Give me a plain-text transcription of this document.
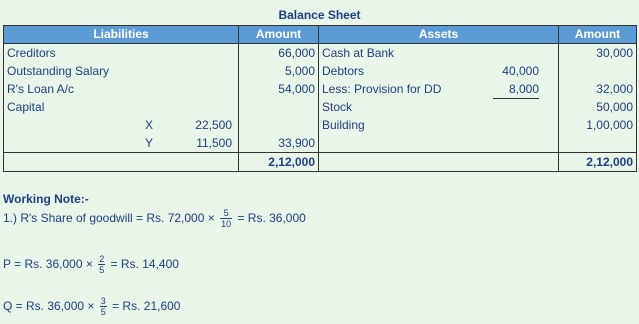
Balance Sheet
Liabilities	Amount	Assets	Amount
Creditors	66,000	Cash at Bank	30,000
Outstanding Salary	5,000	Debtors 40,000	

R's Loan A/c	54,000	Less: Provision for DD 8,000	32,000
Capital		Stock	50,000

X 22,500		Building	1,00,000

Y 11,500	33,900		
	2,12,000		2,12,000
Working Note:-
1.) R's Share of goodwill = Rs. $72,000 \times \frac{5}{10} = Rs$. 36,000
P = Rs. $36,000 \times \frac{2}{5} = Rs$. 14,400
Q = Rs. $36,000 \times \frac{3}{5} = Rs$. 21,600
